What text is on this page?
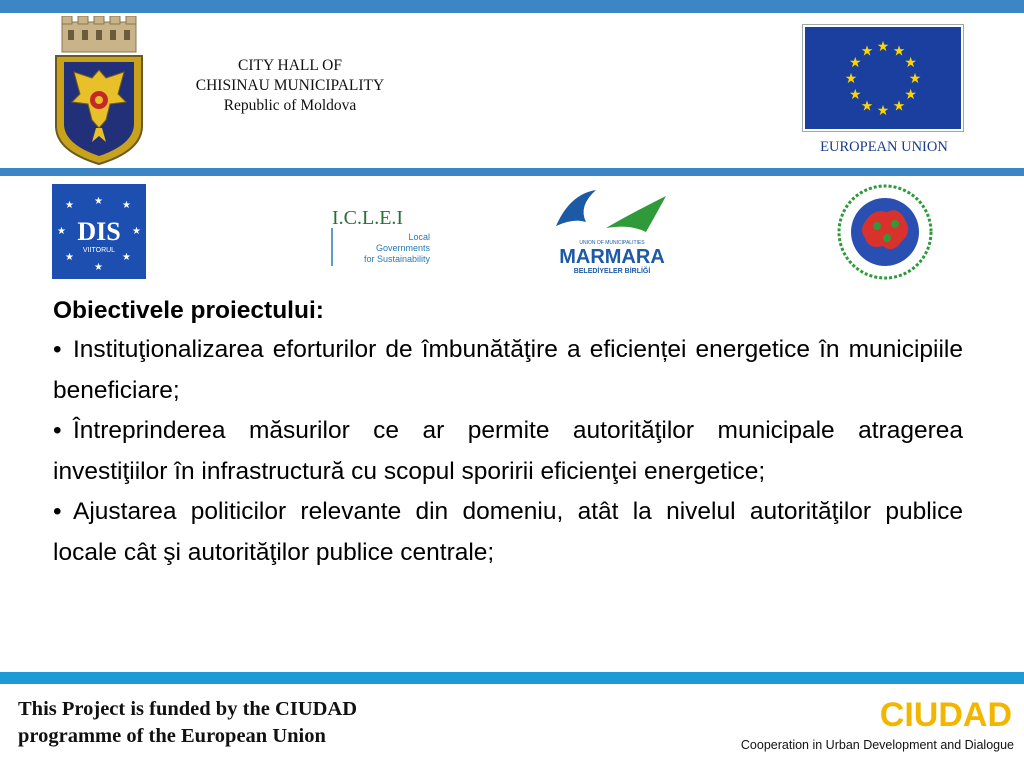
CITY HALL OF
CHISINAU MUNICIPALITY
Republic of Moldova
★ ★
★
★
★
★
★
★
★
★
★
★
EUROPEAN UNION
★	★
★	★
★	★
★
★
DIS
VIITORUL
I.C.L.E.I
Local
Governments
for Sustainability
UNION OF MUNICIPALITIES
MARMARA
BELEDİYELER BİRLİĞİ

Obiectivele proiectului:

• Instituţionalizarea eforturilor de îmbunătăţire a eficienței energetice în municipiile beneficiare;

• Întreprinderea măsurilor ce ar permite autorităţilor municipale atragerea investiţiilor în infrastructură cu scopul sporirii eficienţei energetice;

• Ajustarea politicilor relevante din domeniu, atât la nivelul autorităţilor publice locale cât şi autorităţilor publice centrale;

This Project is funded by the CIUDAD
programme of the European Union
CIUDAD
Cooperation in Urban Development and Dialogue
